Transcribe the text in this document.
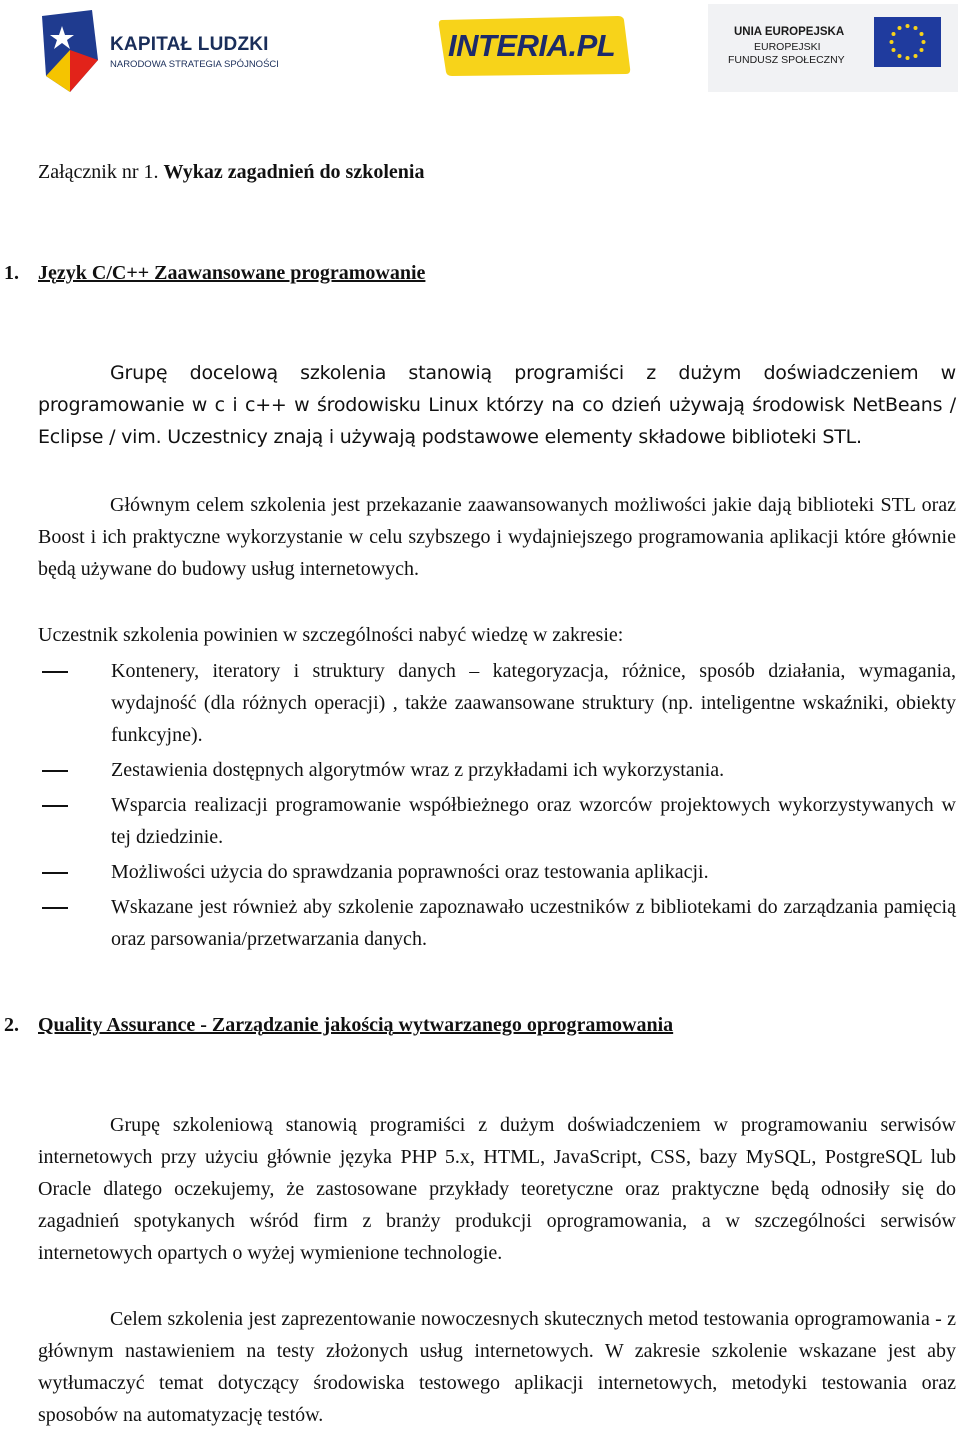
KAPITAŁ LUDZKI
NARODOWA STRATEGIA SPÓJNOŚCI
INTERIA.PL	UNIA EUROPEJSKA
EUROPEJSKI
FUNDUSZ SPOŁECZNY
Załącznik nr 1. Wykaz zagadnień do szkolenia
1. Język C/C++ Zaawansowane programowanie
Grupę docelową szkolenia stanowią programiści z dużym doświadczeniem w programowanie w c i c++ w środowisku Linux którzy na co dzień używają środowisk NetBeans / Eclipse / vim. Uczestnicy znają i używają podstawowe elementy składowe biblioteki STL.
Głównym celem szkolenia jest przekazanie zaawansowanych możliwości jakie dają biblioteki STL oraz Boost i ich praktyczne wykorzystanie w celu szybszego i wydajniejszego programowania aplikacji które głównie będą używane do budowy usług internetowych.
Uczestnik szkolenia powinien w szczególności nabyć wiedzę w zakresie:
Kontenery, iteratory i struktury danych – kategoryzacja, różnice, sposób działania, wymagania, wydajność (dla różnych operacji) , także zaawansowane struktury (np. inteligentne wskaźniki, obiekty funkcyjne).
Zestawienia dostępnych algorytmów wraz z przykładami ich wykorzystania.
Wsparcia realizacji programowanie współbieżnego oraz wzorców projektowych wykorzystywanych w tej dziedzinie.
Możliwości użycia do sprawdzania poprawności oraz testowania aplikacji.
Wskazane jest również aby szkolenie zapoznawało uczestników z bibliotekami do zarządzania pamięcią oraz parsowania/przetwarzania danych.
2. Quality Assurance - Zarządzanie jakością wytwarzanego oprogramowania
Grupę szkoleniową stanowią programiści z dużym doświadczeniem w programowaniu serwisów internetowych przy użyciu głównie języka PHP 5.x, HTML, JavaScript, CSS, bazy MySQL, PostgreSQL lub Oracle dlatego oczekujemy, że zastosowane przykłady teoretyczne oraz praktyczne będą odnosiły się do zagadnień spotykanych wśród firm z branży produkcji oprogramowania, a w szczególności serwisów internetowych opartych o wyżej wymienione technologie.
Celem szkolenia jest zaprezentowanie nowoczesnych skutecznych metod testowania oprogramowania - z głównym nastawieniem na testy złożonych usług internetowych. W zakresie szkolenie wskazane jest aby wytłumaczyć temat dotyczący środowiska testowego aplikacji internetowych, metodyki testowania oraz sposobów na automatyzację testów.
